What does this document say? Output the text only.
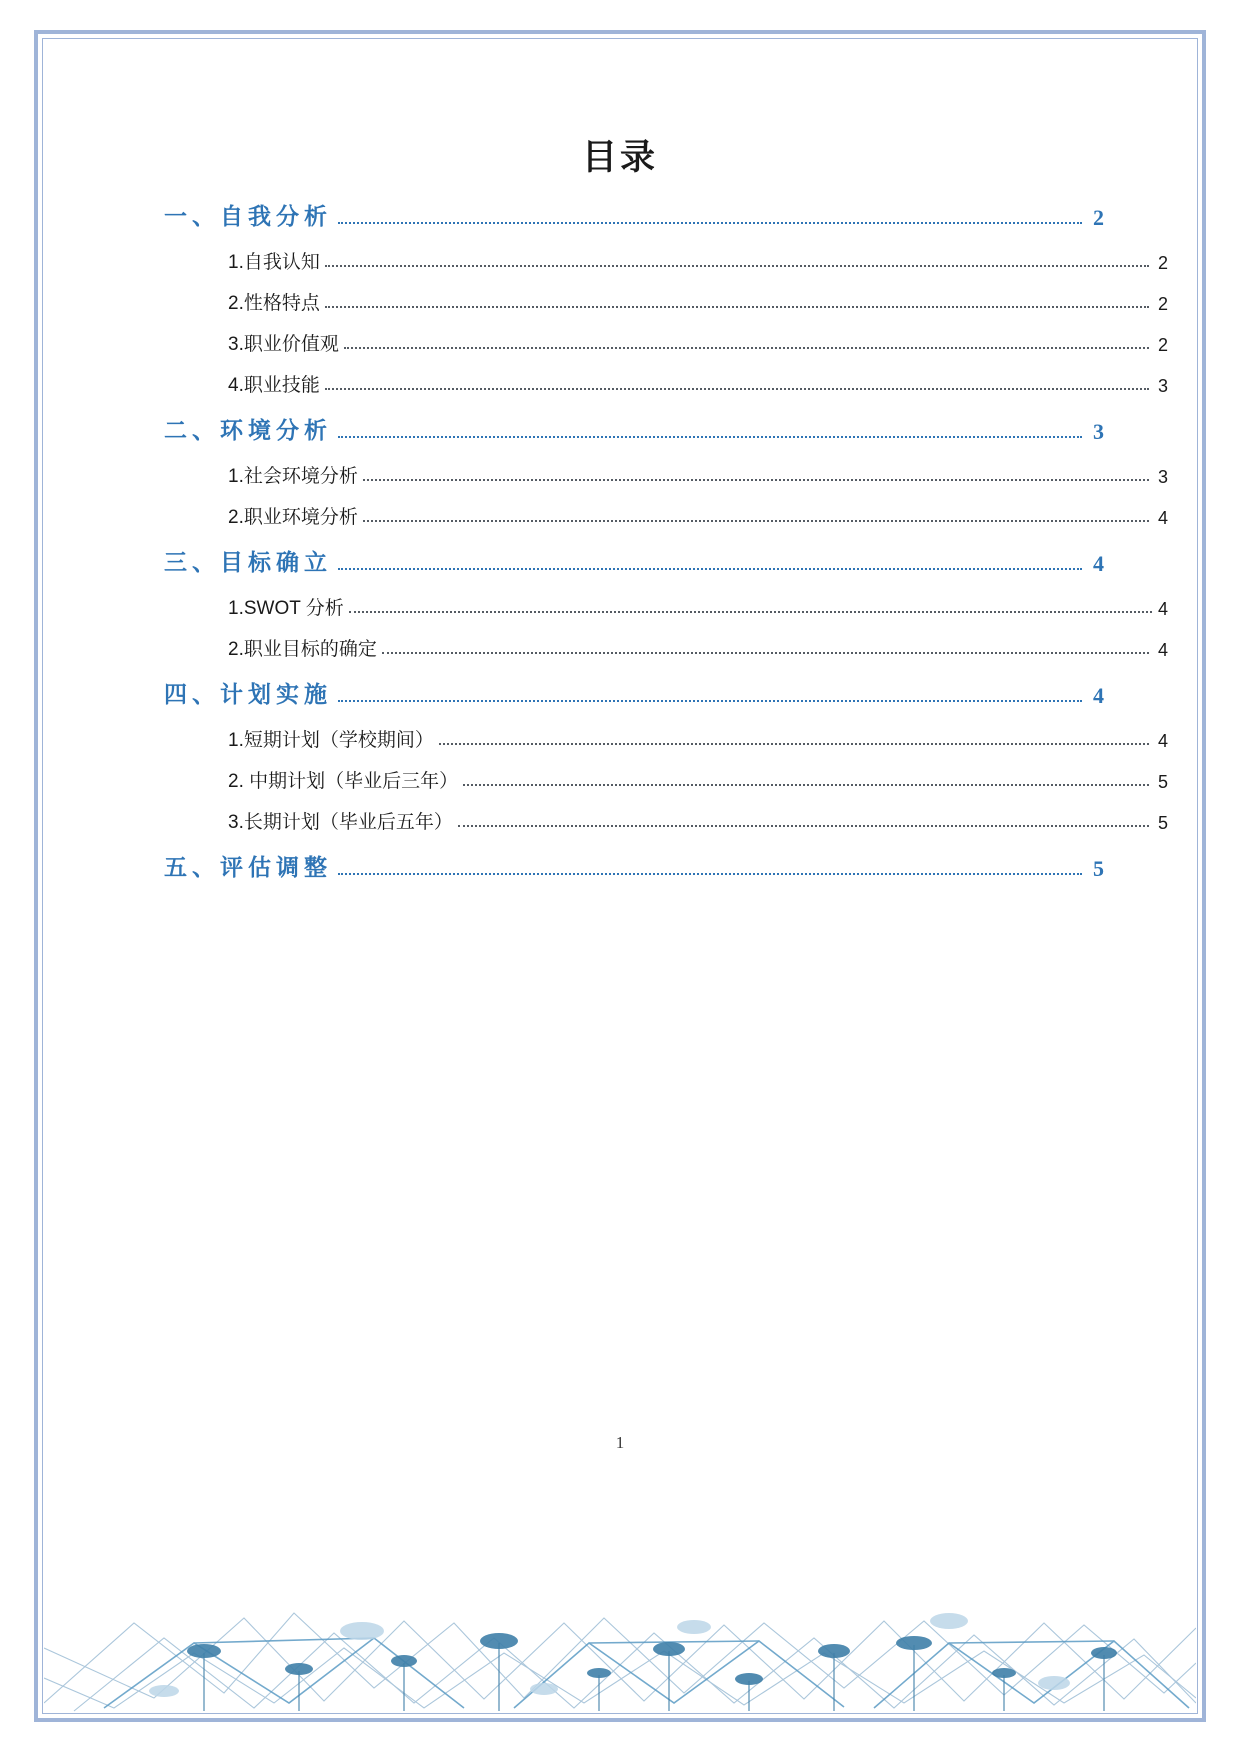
目录
一、自我分析	2
1.自我认知	2
2.性格特点	2
3.职业价值观	2
4.职业技能	3
二、环境分析	3
1.社会环境分析	3
2.职业环境分析	4
三、目标确立	4
1.SWOT 分析	4
2.职业目标的确定	4
四、计划实施	4
1.短期计划（学校期间）	4
2. 中期计划（毕业后三年）	5
3.长期计划（毕业后五年）	5
五、评估调整	5
1
